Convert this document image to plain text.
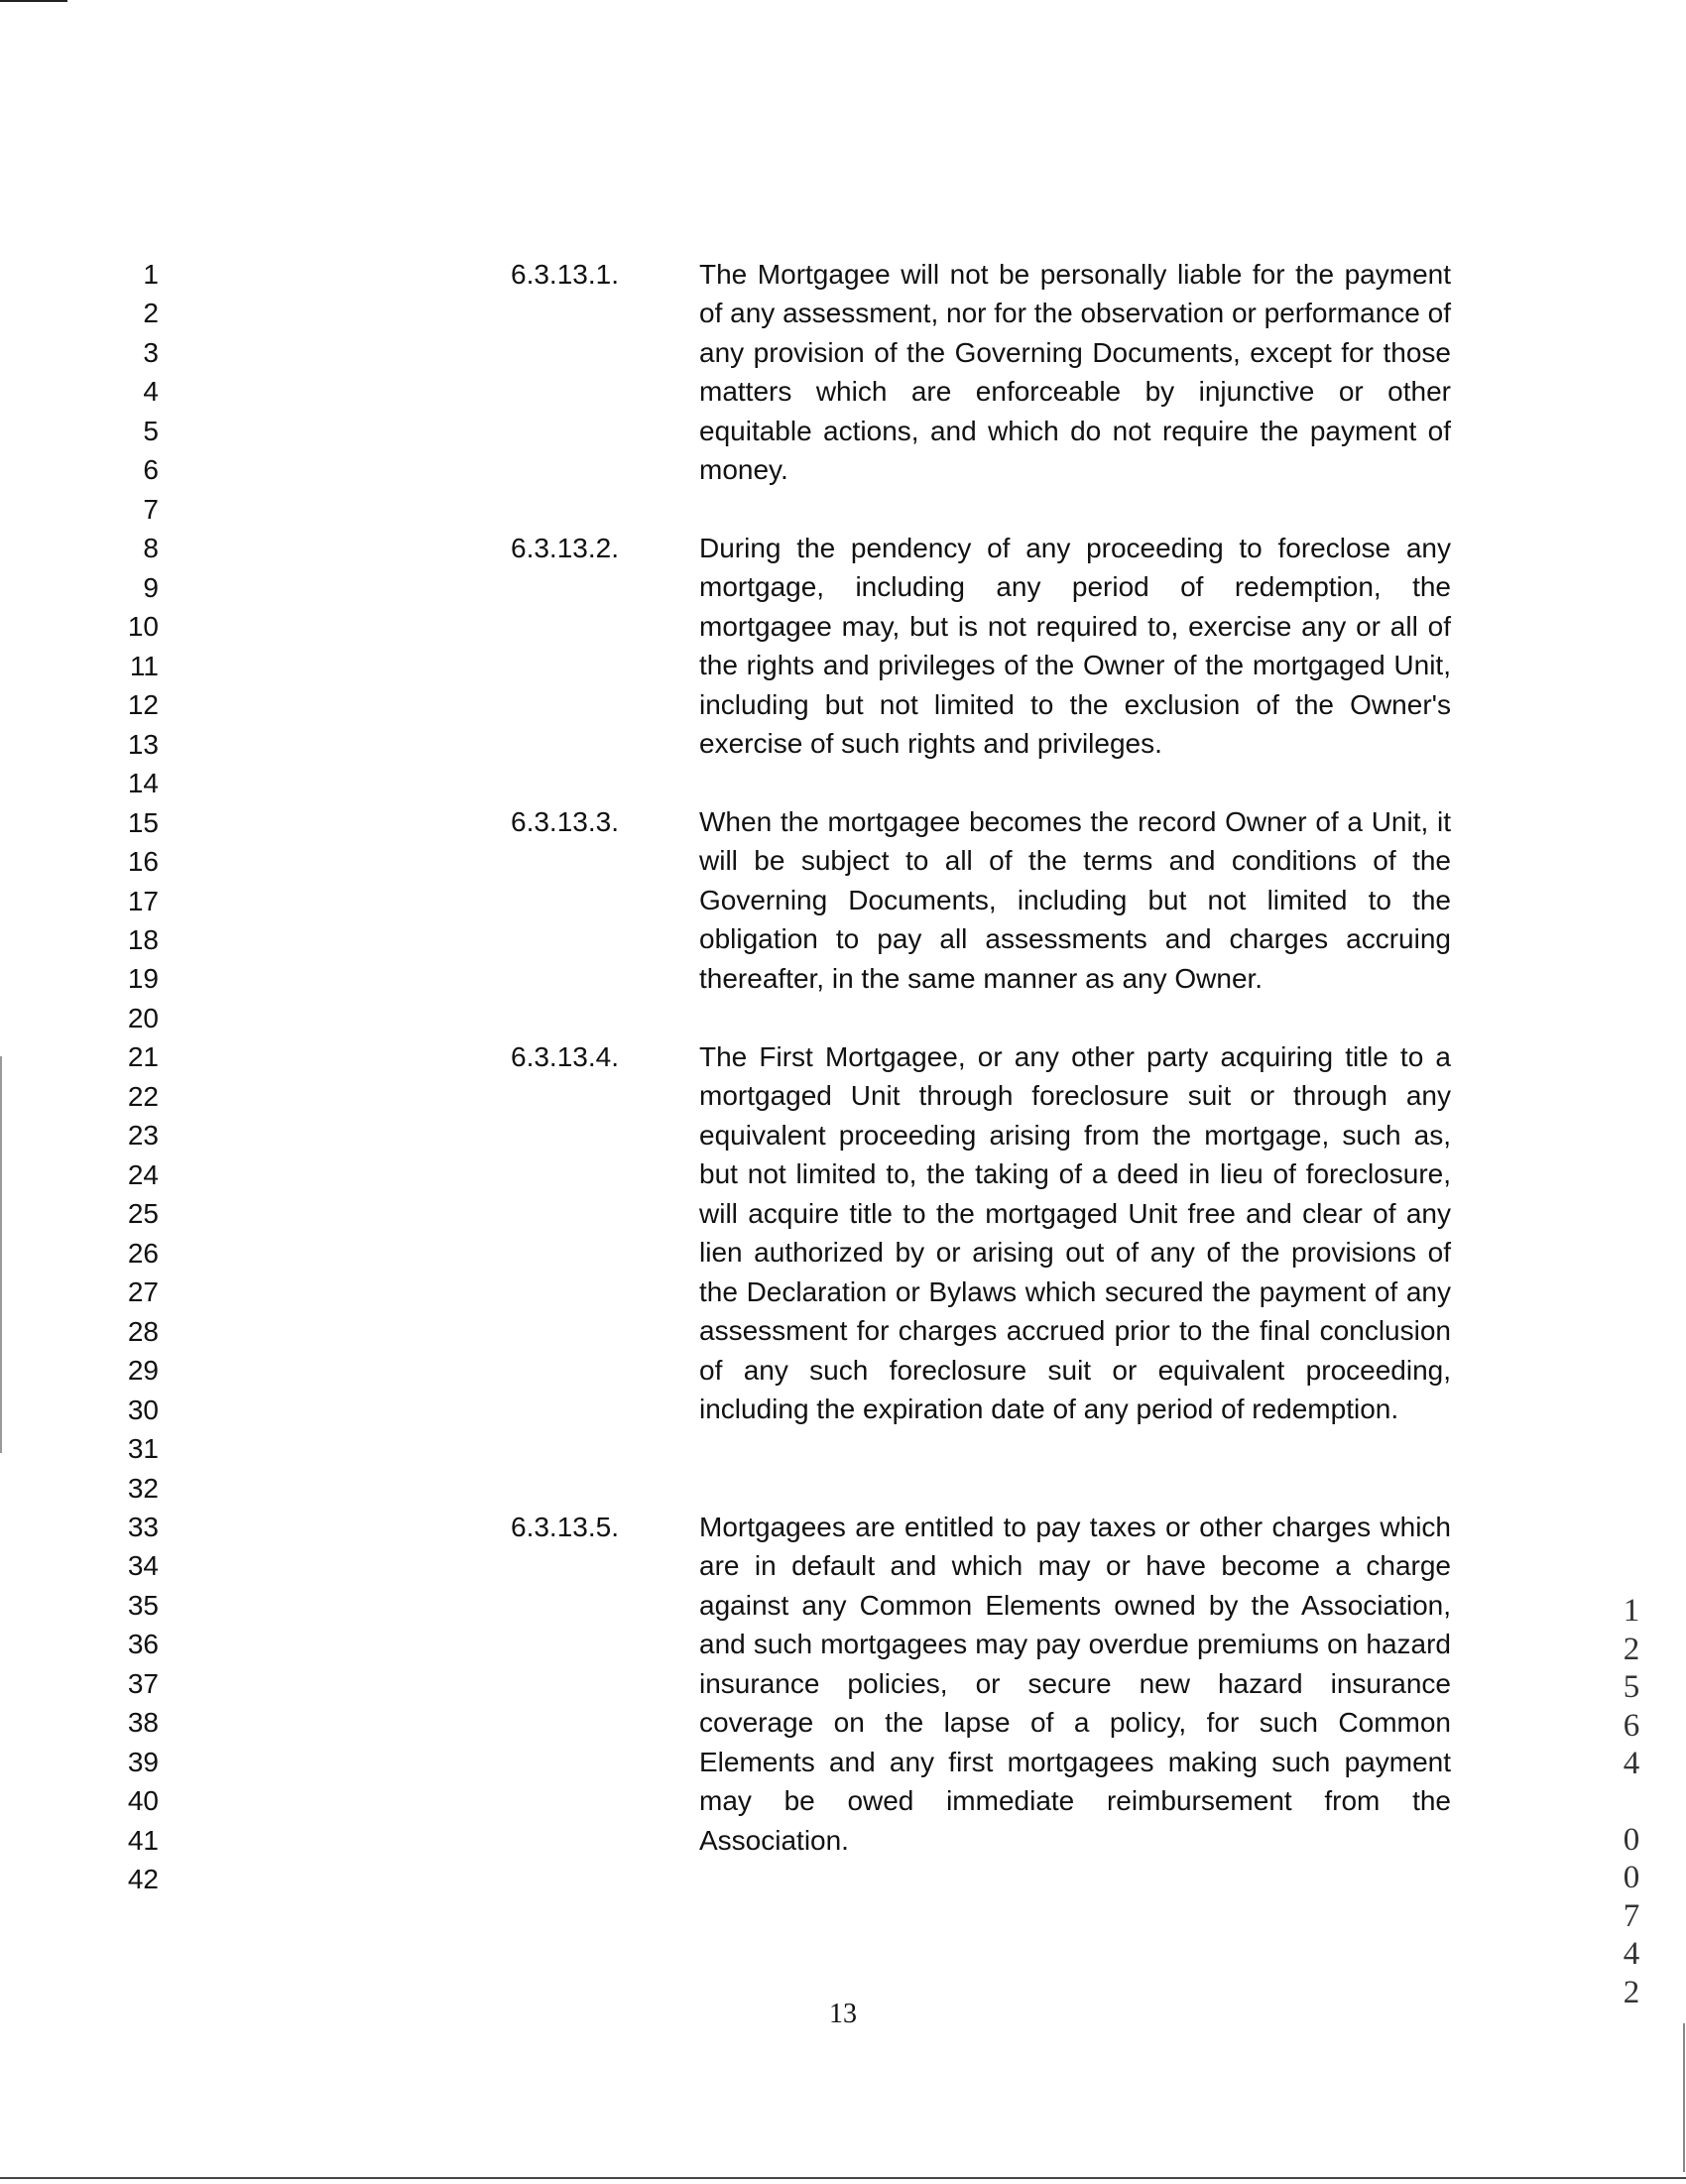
1
2
3
4
5
6
7
8
9
10
11
12
13
14
15
16
17
18
19
20
21
22
23
24
25
26
27
28
29
30
31
32
33
34
35
36
37
38
39
40
41
42
6.3.13.1.	The Mortgagee will not be personally liable for the payment of any assessment, nor for the observation or performance of any provision of the Governing Documents, except for those matters which are enforceable by injunctive or other equitable actions, and which do not require the payment of money.

6.3.13.2.	During the pendency of any proceeding to foreclose any mortgage, including any period of redemption, the mortgagee may, but is not required to, exercise any or all of the rights and privileges of the Owner of the mortgaged Unit, including but not limited to the exclusion of the Owner's exercise of such rights and privileges.

6.3.13.3.	When the mortgagee becomes the record Owner of a Unit, it will be subject to all of the terms and conditions of the Governing Documents, including but not limited to the obligation to pay all assessments and charges accruing thereafter, in the same manner as any Owner.

6.3.13.4.	The First Mortgagee, or any other party acquiring title to a mortgaged Unit through foreclosure suit or through any equivalent proceeding arising from the mortgage, such as, but not limited to, the taking of a deed in lieu of foreclosure, will acquire title to the mortgaged Unit free and clear of any lien authorized by or arising out of any of the provisions of the Declaration or Bylaws which secured the payment of any assessment for charges accrued prior to the final conclusion of any such foreclosure suit or equivalent proceeding, including the expiration date of any period of redemption.

6.3.13.5.	Mortgagees are entitled to pay taxes or other charges which are in default and which may or have become a charge against any Common Elements owned by the Association, and such mortgagees may pay overdue premiums on hazard insurance policies, or secure new hazard insurance coverage on the lapse of a policy, for such Common Elements and any first mortgagees making such payment may be owed immediate reimbursement from the Association.

13
1
2
5
6
4
0
0
7
4
2
